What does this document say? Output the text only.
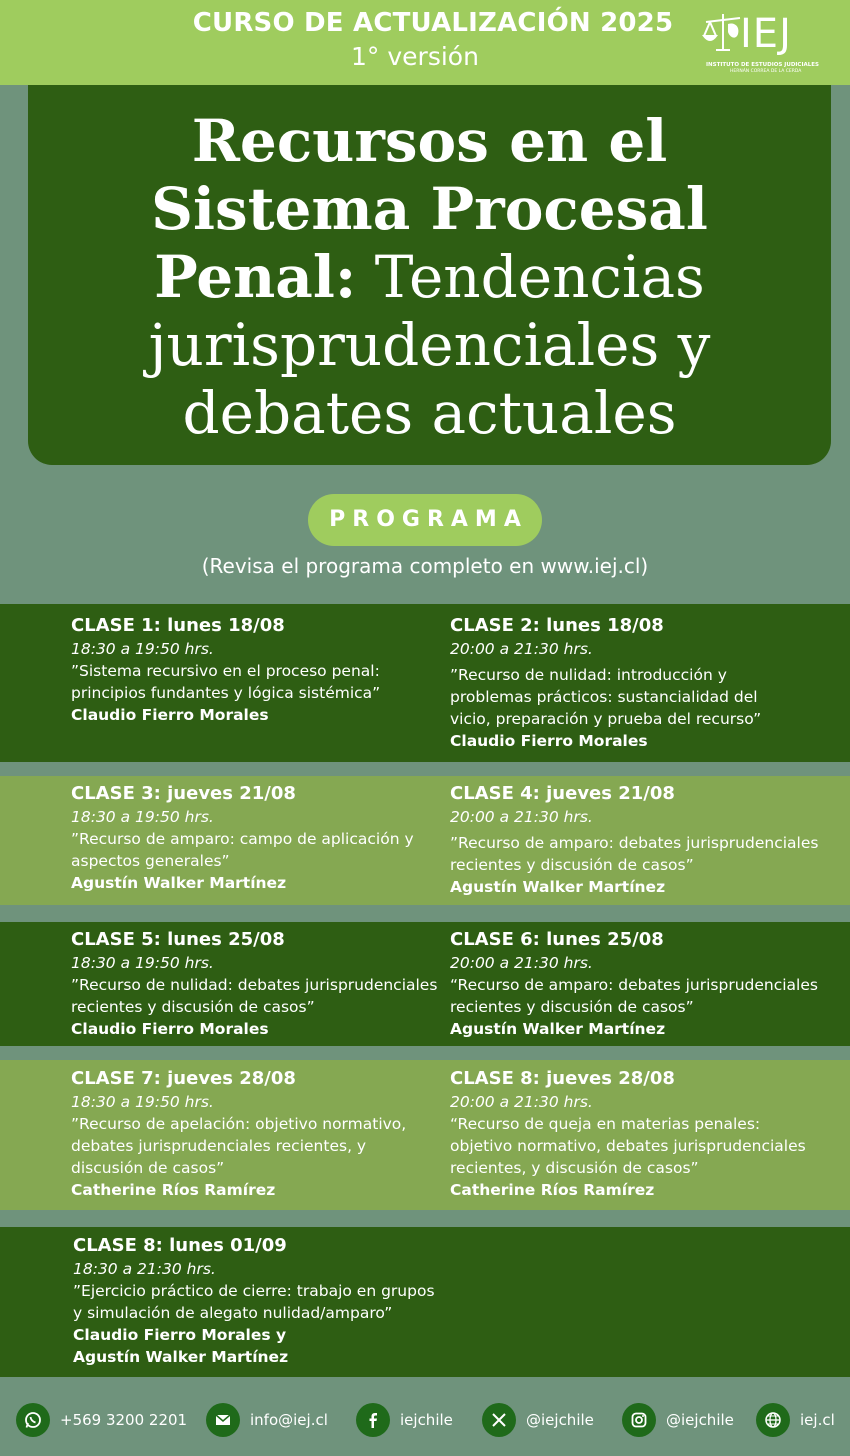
CURSO DE ACTUALIZACIÓN 2025
1° versión	IEJ
INSTITUTO DE ESTUDIOS JUDICIALES
HERNÁN CORREA DE LA CERDA
Recursos en el
Sistema Procesal
Penal: Tendencias
jurisprudenciales y
debates actuales
PROGRAMA
(Revisa el programa completo en www.iej.cl)
CLASE 1: lunes 18/08
18:30 a 19:50 hrs.
”Sistema recursivo en el proceso penal:
principios fundantes y lógica sistémica”
Claudio Fierro Morales
CLASE 2: lunes 18/08
20:00 a 21:30 hrs.
”Recurso de nulidad: introducción y
problemas prácticos: sustancialidad del
vicio, preparación y prueba del recurso”
Claudio Fierro Morales
CLASE 3: jueves 21/08
18:30 a 19:50 hrs.
”Recurso de amparo: campo de aplicación y
aspectos generales”
Agustín Walker Martínez
CLASE 4: jueves 21/08
20:00 a 21:30 hrs.
”Recurso de amparo: debates jurisprudenciales
recientes y discusión de casos”
Agustín Walker Martínez
CLASE 5: lunes 25/08
18:30 a 19:50 hrs.
”Recurso de nulidad: debates jurisprudenciales
recientes y discusión de casos”
Claudio Fierro Morales
CLASE 6: lunes 25/08
20:00 a 21:30 hrs.
“Recurso de amparo: debates jurisprudenciales
recientes y discusión de casos”
Agustín Walker Martínez
CLASE 7: jueves 28/08
18:30 a 19:50 hrs.
”Recurso de apelación: objetivo normativo,
debates jurisprudenciales recientes, y
discusión de casos”
Catherine Ríos Ramírez
CLASE 8: jueves 28/08
20:00 a 21:30 hrs.
“Recurso de queja en materias penales:
objetivo normativo, debates jurisprudenciales
recientes, y discusión de casos”
Catherine Ríos Ramírez
CLASE 8: lunes 01/09
18:30 a 21:30 hrs.
”Ejercicio práctico de cierre: trabajo en grupos
y simulación de alegato nulidad/amparo”
Claudio Fierro Morales y
Agustín Walker Martínez
+569 3200 2201	info@iej.cl	iejchile	@iejchile	@iejchile	iej.cl
